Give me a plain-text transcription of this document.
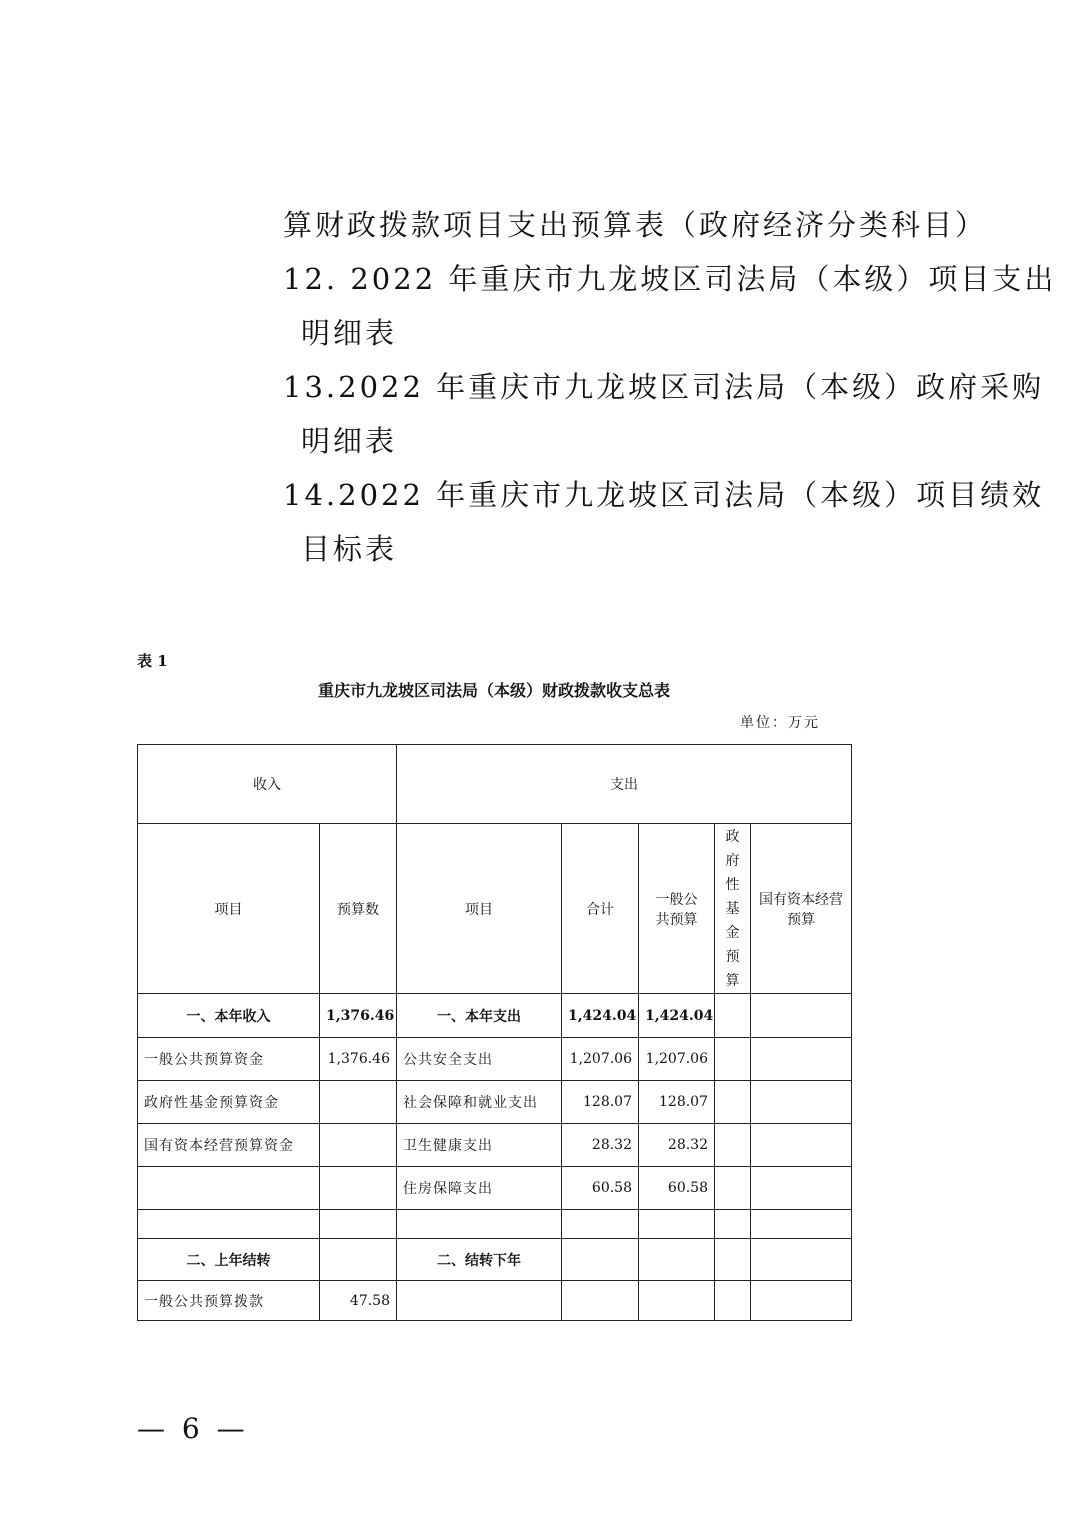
算财政拨款项目支出预算表（政府经济分类科目）
12. 2022 年重庆市九龙坡区司法局（本级）项目支出
明细表
13.2022 年重庆市九龙坡区司法局（本级）政府采购
明细表
14.2022 年重庆市九龙坡区司法局（本级）项目绩效
目标表
表 1
重庆市九龙坡区司法局（本级）财政拨款收支总表
单位：万元
收入		支出				
项目	预算数	项目	合计	一般公共预算	政府性基金预算	国有资本经营预算
一、本年收入	1,376.46	一、本年支出	1,424.04	1,424.04		
一般公共预算资金	1,376.46	公共安全支出	1,207.06	1,207.06		
政府性基金预算资金		社会保障和就业支出	128.07	128.07		
国有资本经营预算资金		卫生健康支出	28.32	28.32		
		住房保障支出	60.58	60.58		

二、上年结转		二、结转下年				
一般公共预算拨款	47.58					
— 6 —
